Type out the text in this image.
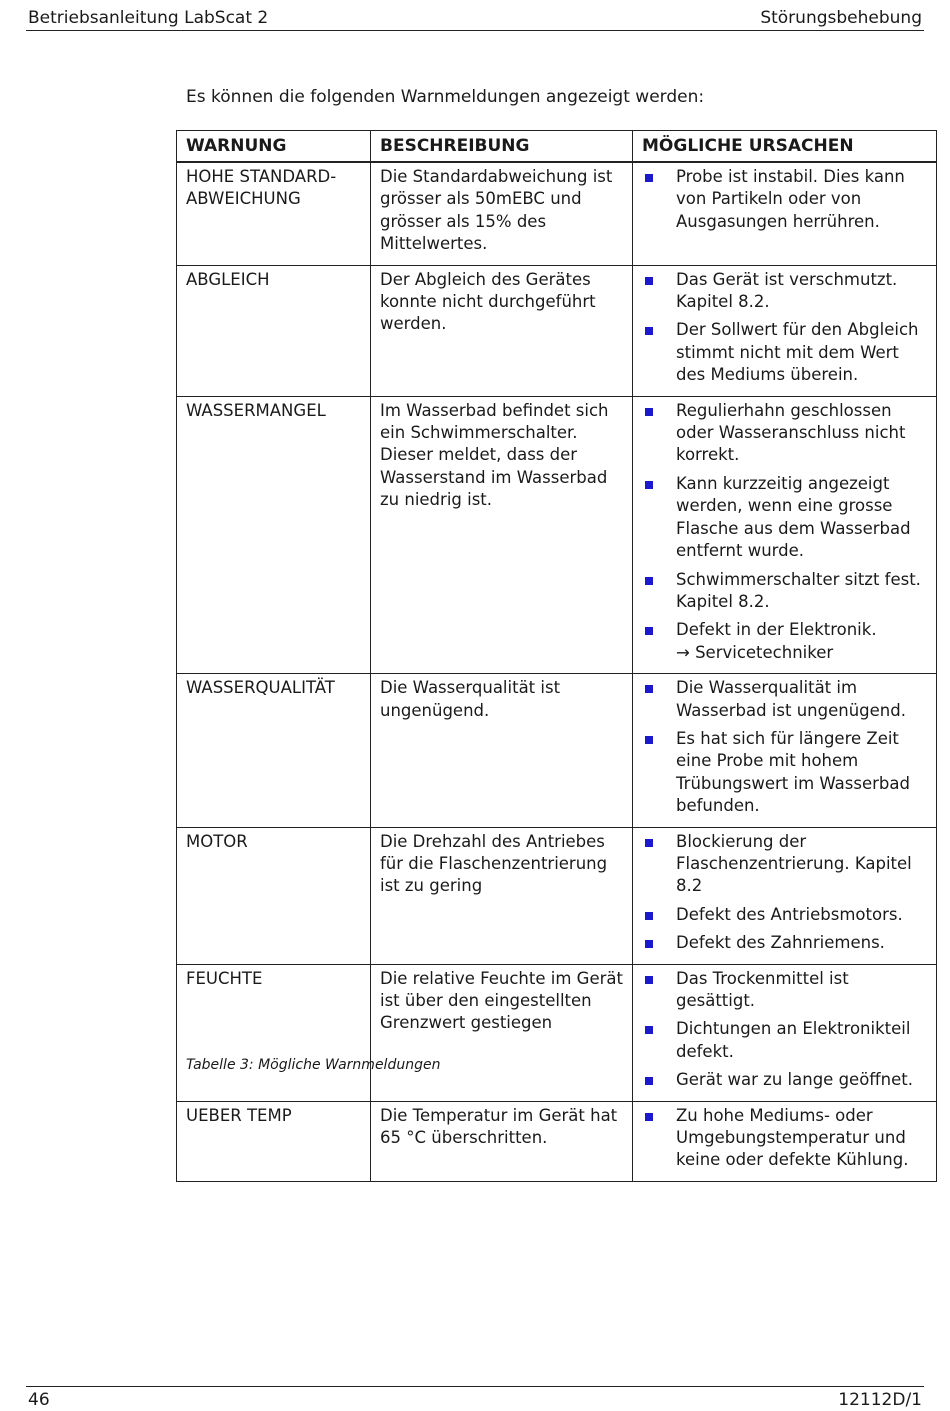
Betriebsanleitung LabScat 2	Störungsbehebung
Es können die folgenden Warnmeldungen angezeigt werden:
WARNUNG	BESCHREIBUNG	MÖGLICHE URSACHEN
HOHE STANDARD-
ABWEICHUNG	Die Standardabweichung ist grösser als 50mEBC und grösser als 15% des Mittelwertes.	Probe ist instabil. Dies kann von Partikeln oder von Ausgasungen herrühren.

ABGLEICH	Der Abgleich des Gerätes konnte nicht durchgeführt werden.	Das Gerät ist verschmutzt. Kapitel 8.2.
Der Sollwert für den Abgleich stimmt nicht mit dem Wert des Mediums überein.

WASSERMANGEL	Im Wasserbad befindet sich ein Schwimmerschalter. Dieser meldet, dass der Wasserstand im Wasserbad zu niedrig ist.	Regulierhahn geschlossen oder Wasseranschluss nicht korrekt.
Kann kurzzeitig angezeigt werden, wenn eine grosse Flasche aus dem Wasserbad entfernt wurde.
Schwimmerschalter sitzt fest. Kapitel 8.2.
Defekt in der Elektronik.
→ Servicetechniker

WASSERQUALITÄT	Die Wasserqualität ist ungenügend.	Die Wasserqualität im Wasserbad ist ungenügend.
Es hat sich für längere Zeit eine Probe mit hohem Trübungswert im Wasserbad befunden.

MOTOR	Die Drehzahl des Antriebes für die Flaschenzentrierung ist zu gering	Blockierung der Flaschenzentrierung. Kapitel 8.2
Defekt des Antriebsmotors.
Defekt des Zahnriemens.

FEUCHTE	Die relative Feuchte im Gerät ist über den eingestellten Grenzwert gestiegen	Das Trockenmittel ist gesättigt.
Dichtungen an Elektronikteil defekt.
Gerät war zu lange geöffnet.

UEBER TEMP	Die Temperatur im Gerät hat 65 °C überschritten.	Zu hohe Mediums- oder Umgebungstemperatur und keine oder defekte Kühlung.
Tabelle 3: Mögliche Warnmeldungen
46	12112D/1
